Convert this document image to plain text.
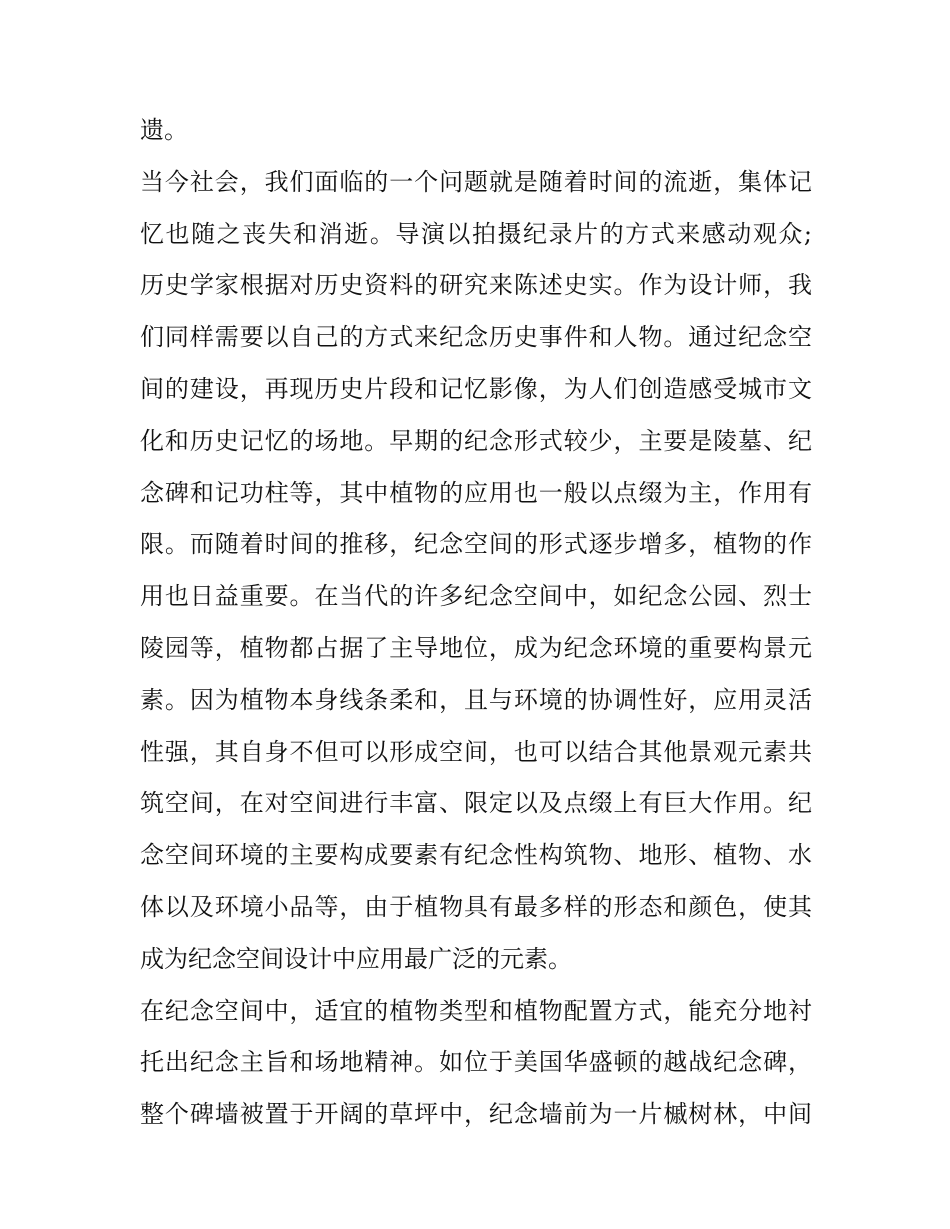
遗。
当今社会，我们面临的一个问题就是随着时间的流逝，集体记
忆也随之丧失和消逝。导演以拍摄纪录片的方式来感动观众;
历史学家根据对历史资料的研究来陈述史实。作为设计师，我
们同样需要以自己的方式来纪念历史事件和人物。通过纪念空
间的建设，再现历史片段和记忆影像，为人们创造感受城市文
化和历史记忆的场地。早期的纪念形式较少，主要是陵墓、纪
念碑和记功柱等，其中植物的应用也一般以点缀为主，作用有
限。而随着时间的推移，纪念空间的形式逐步增多，植物的作
用也日益重要。在当代的许多纪念空间中，如纪念公园、烈士
陵园等，植物都占据了主导地位，成为纪念环境的重要构景元
素。因为植物本身线条柔和，且与环境的协调性好，应用灵活
性强，其自身不但可以形成空间，也可以结合其他景观元素共
筑空间，在对空间进行丰富、限定以及点缀上有巨大作用。纪
念空间环境的主要构成要素有纪念性构筑物、地形、植物、水
体以及环境小品等，由于植物具有最多样的形态和颜色，使其
成为纪念空间设计中应用最广泛的元素。
在纪念空间中，适宜的植物类型和植物配置方式，能充分地衬
托出纪念主旨和场地精神。如位于美国华盛顿的越战纪念碑，
整个碑墙被置于开阔的草坪中，纪念墙前为一片槭树林，中间
